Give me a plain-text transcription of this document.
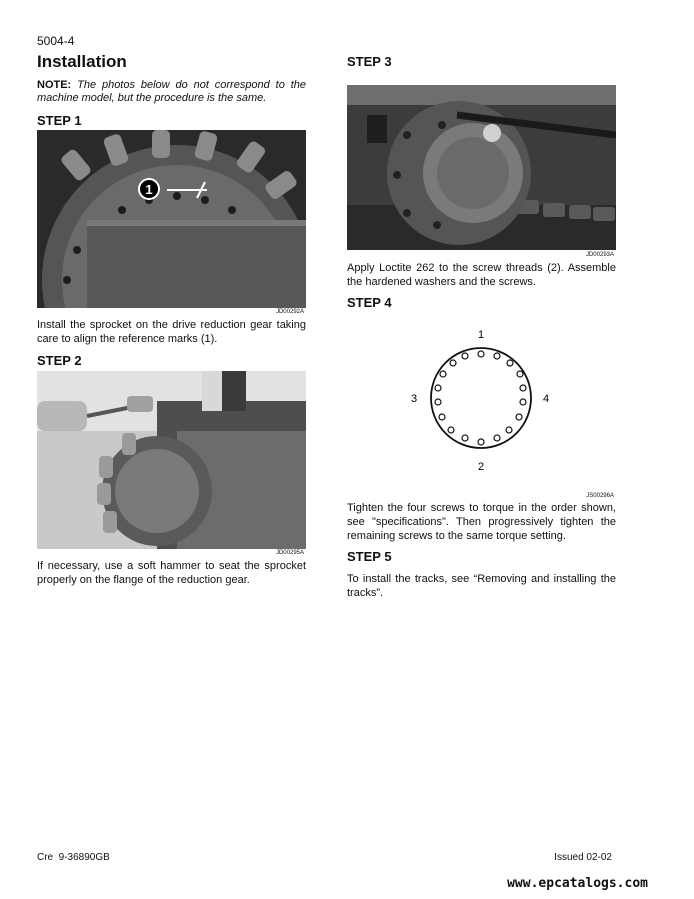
5004-4
Installation
NOTE: The photos below do not correspond to the machine model, but the procedure is the same.
STEP 1
1
JD00292A
Install the sprocket on the drive reduction gear taking care to align the reference marks (1).
STEP 2
JD00295A
If necessary, use a soft hammer to seat the sprocket properly on the flange of the reduction gear.
STEP 3
JD00293A
Apply Loctite 262 to the screw threads (2). Assemble the hardened washers and the screws.
STEP 4
1
2
3	4
JS00296A
Tighten the four screws to torque in the order shown, see "specifications". Then progressively tighten the remaining screws to the same torque setting.
STEP 5
To install the tracks, see “Removing and installing the tracks”.
Cre  9-36890GB	Issued 02-02
www.epcatalogs.com
